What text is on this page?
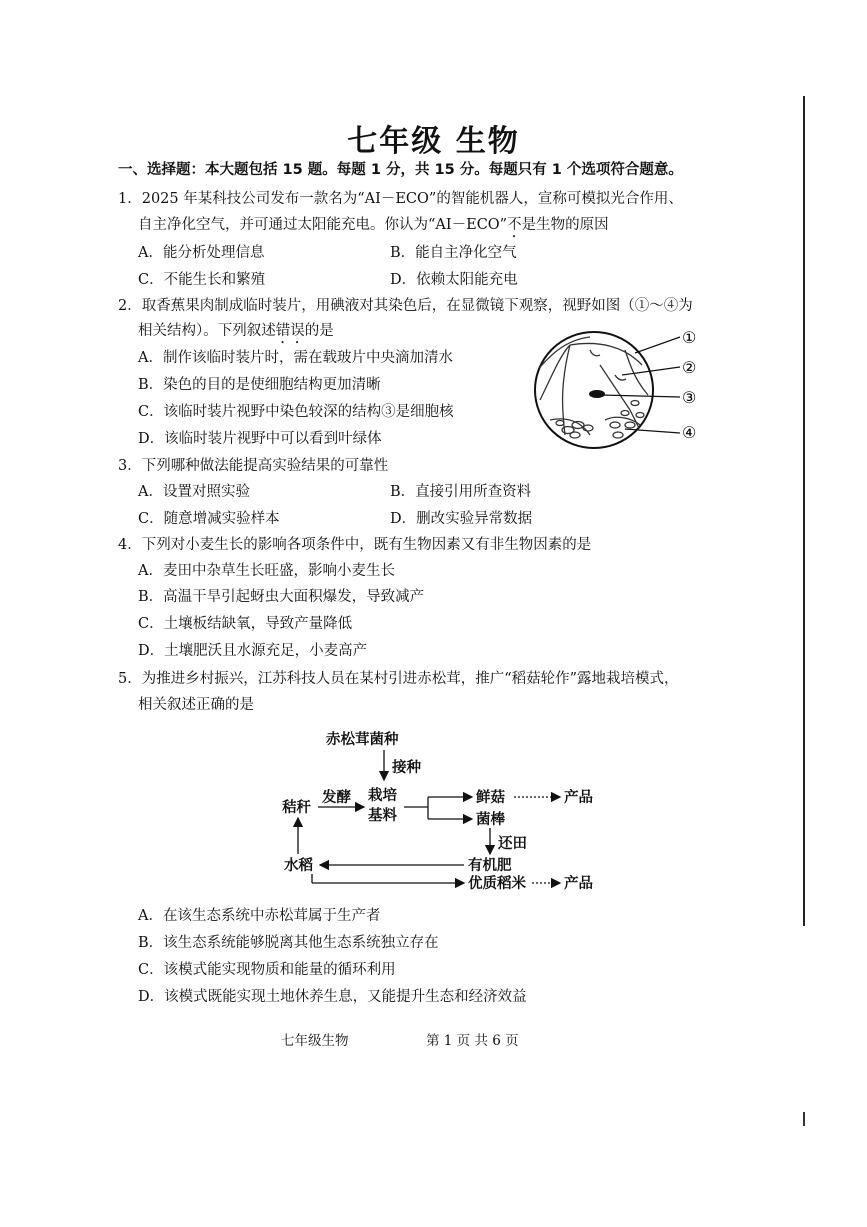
七年级 生物
一、选择题：本大题包括 15 题。每题 1 分，共 15 分。每题只有 1 个选项符合题意。
1．2025 年某科技公司发布一款名为“AI－ECO”的智能机器人，宣称可模拟光合作用、
自主净化空气，并可通过太阳能充电。你认为“AI－ECO”不是生物的原因
A．能分析处理信息	B．能自主净化空气
C．不能生长和繁殖	D．依赖太阳能充电
2．取香蕉果肉制成临时装片，用碘液对其染色后，在显微镜下观察，视野如图（①～④为
相关结构）。下列叙述错误的是
A．制作该临时装片时，需在载玻片中央滴加清水
B．染色的目的是使细胞结构更加清晰
C．该临时装片视野中染色较深的结构③是细胞核
D．该临时装片视野中可以看到叶绿体
①
②
③
④
3．下列哪种做法能提高实验结果的可靠性
A．设置对照实验	B．直接引用所查资料
C．随意增减实验样本	D．删改实验异常数据
4．下列对小麦生长的影响各项条件中，既有生物因素又有非生物因素的是
A．麦田中杂草生长旺盛，影响小麦生长
B．高温干旱引起蚜虫大面积爆发，导致减产
C．土壤板结缺氧，导致产量降低
D．土壤肥沃且水源充足，小麦高产
5．为推进乡村振兴，江苏科技人员在某村引进赤松茸，推广“稻菇轮作”露地栽培模式，
相关叙述正确的是
赤松茸菌种
接种
秸秆
发酵 栽培
基料
鲜菇	产品
菌棒
还田
水稻	有机肥
优质稻米	产品
A．在该生态系统中赤松茸属于生产者
B．该生态系统能够脱离其他生态系统独立存在
C．该模式能实现物质和能量的循环利用
D．该模式既能实现土地休养生息，又能提升生态和经济效益
七年级生物	第 1 页 共 6 页
